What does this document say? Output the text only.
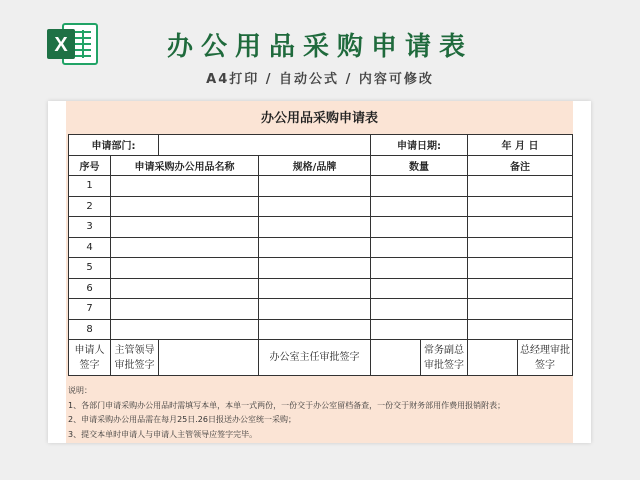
X	办公用品采购申请表
A4打印 / 自动公式 / 内容可修改
办公用品采购申请表
申请部门:				申请日期:		年 月 日	
序号	申请采购办公用品名称		规格/品牌	数量		备注	
1							
2							
3							
4							
5							
6							
7							
8							
申请人签字	主管领导审批签字		办公室主任审批签字		常务副总审批签字		总经理审批签字
说明：
1、各部门申请采购办公用品时需填写本单，本单一式两份，一份交于办公室留档备查，一份交于财务部用作费用报销附表；
2、申请采购办公用品需在每月25日.26日报送办公室统一采购；
3、提交本单时申请人与申请人主管领导应签字完毕。
